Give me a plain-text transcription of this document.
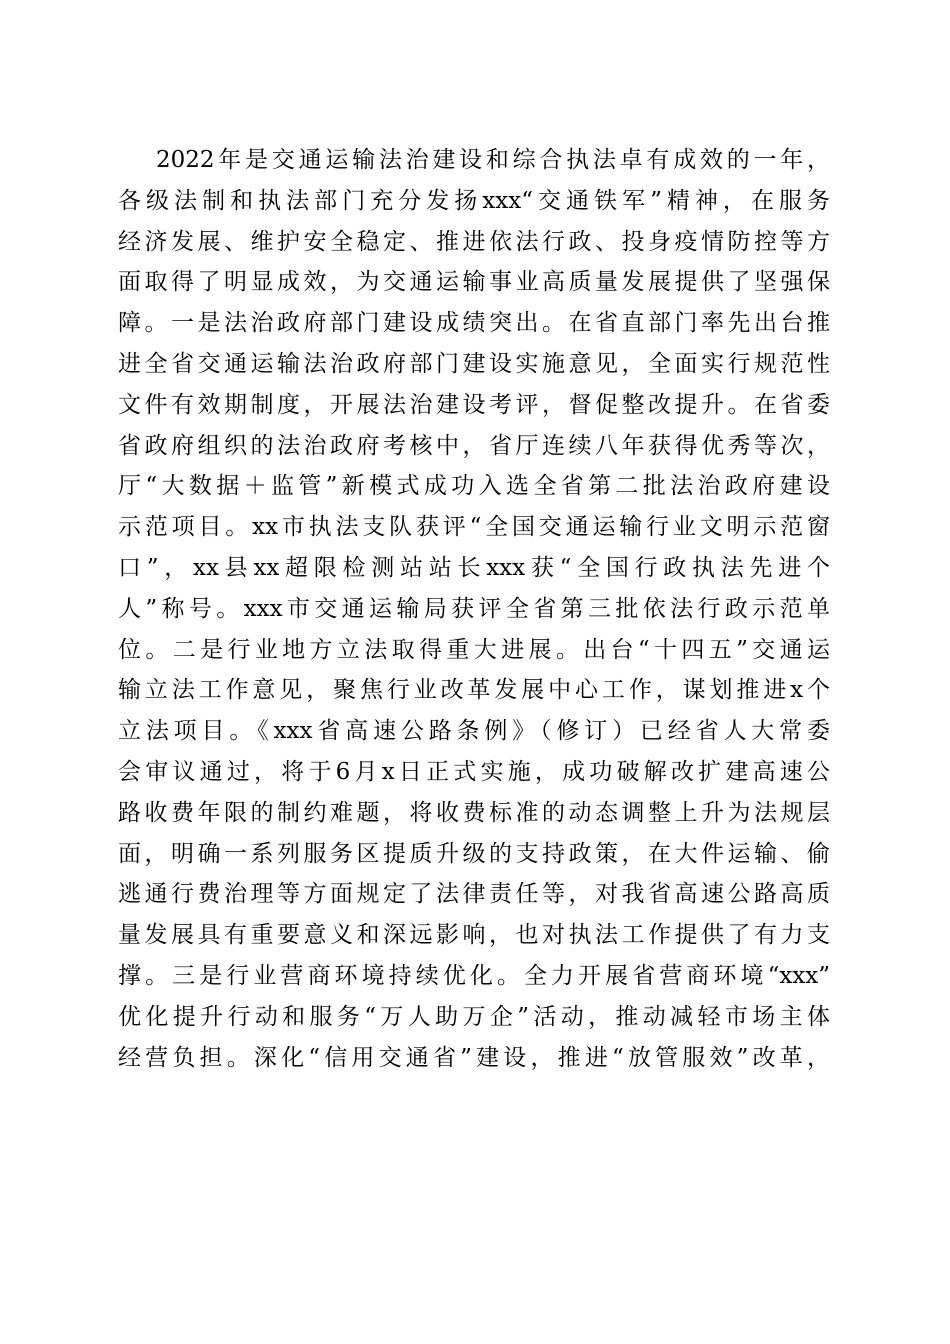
2022年是交通运输法治建设和综合执法卓有成效的一年，
各级法制和执法部门充分发扬xxx“交通铁军”精神，在服务
经济发展、维护安全稳定、推进依法行政、投身疫情防控等方
面取得了明显成效，为交通运输事业高质量发展提供了坚强保
障。一是法治政府部门建设成绩突出。在省直部门率先出台推
进全省交通运输法治政府部门建设实施意见，全面实行规范性
文件有效期制度，开展法治建设考评，督促整改提升。在省委
省政府组织的法治政府考核中，省厅连续八年获得优秀等次，
厅“大数据＋监管”新模式成功入选全省第二批法治政府建设
示范项目。xx市执法支队获评“全国交通运输行业文明示范窗
口”，xx县xx超限检测站站长xxx获“全国行政执法先进个
人”称号。xxx市交通运输局获评全省第三批依法行政示范单
位。二是行业地方立法取得重大进展。出台“十四五”交通运
输立法工作意见，聚焦行业改革发展中心工作，谋划推进x个
立法项目。《xxx省高速公路条例》（修订）已经省人大常委
会审议通过，将于6月x日正式实施，成功破解改扩建高速公
路收费年限的制约难题，将收费标准的动态调整上升为法规层
面，明确一系列服务区提质升级的支持政策，在大件运输、偷
逃通行费治理等方面规定了法律责任等，对我省高速公路高质
量发展具有重要意义和深远影响，也对执法工作提供了有力支
撑。三是行业营商环境持续优化。全力开展省营商环境“xxx”
优化提升行动和服务“万人助万企”活动，推动减轻市场主体
经营负担。深化“信用交通省”建设，推进“放管服效”改革，
